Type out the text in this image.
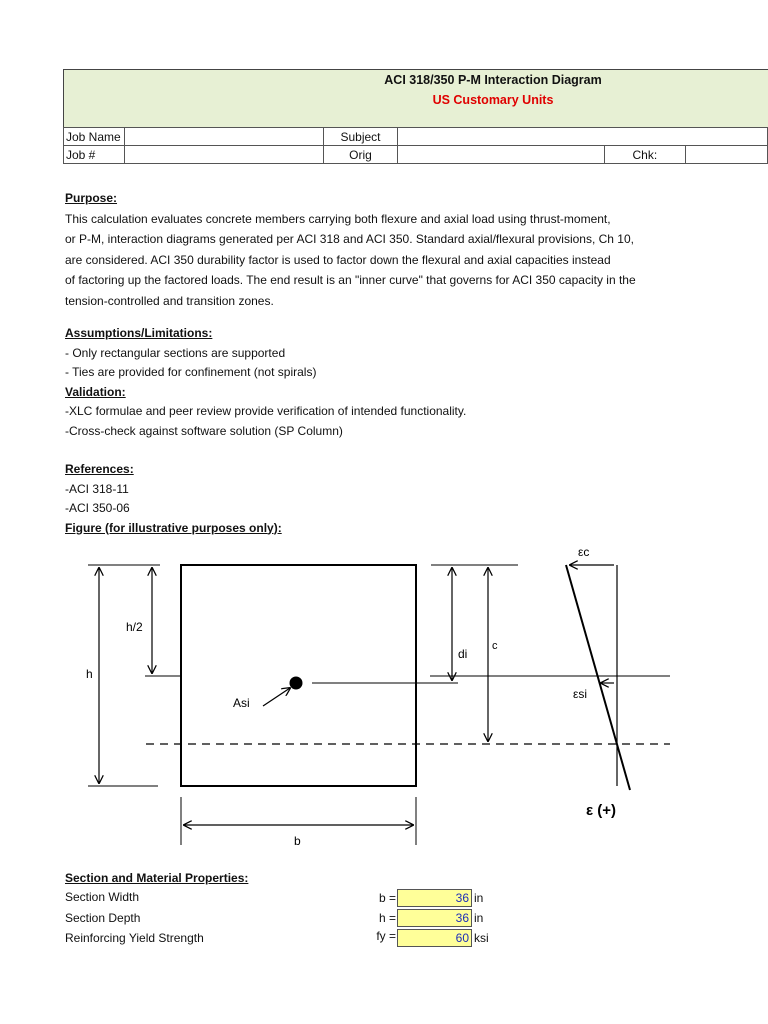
ACI 318/350 P-M Interaction Diagram
US Customary Units
Job Name		Subject			
Job #		Orig		Chk:	
Purpose:
This calculation evaluates concrete members carrying both flexure and axial load using thrust-moment,
or P-M, interaction diagrams generated per ACI 318 and ACI 350. Standard axial/flexural provisions, Ch 10,
are considered. ACI 350 durability factor is used to factor down the flexural and axial capacities instead
of factoring up the factored loads. The end result is an "inner curve" that governs for ACI 350 capacity in the
tension-controlled and transition zones.
Assumptions/Limitations:
- Only rectangular sections are supported
- Ties are provided for confinement (not spirals)
Validation:
-XLC formulae and peer review provide verification of intended functionality.
-Cross-check against software solution (SP Column)
References:
-ACI 318-11
-ACI 350-06
Figure (for illustrative purposes only):
h
h/2
b
Asi
di
c
εc
εsi
ε (+)
Section and Material Properties:
Section Width	b =	36 in
Section Depth	h =	36 in
Reinforcing Yield Strength	fy =	60 ksi
